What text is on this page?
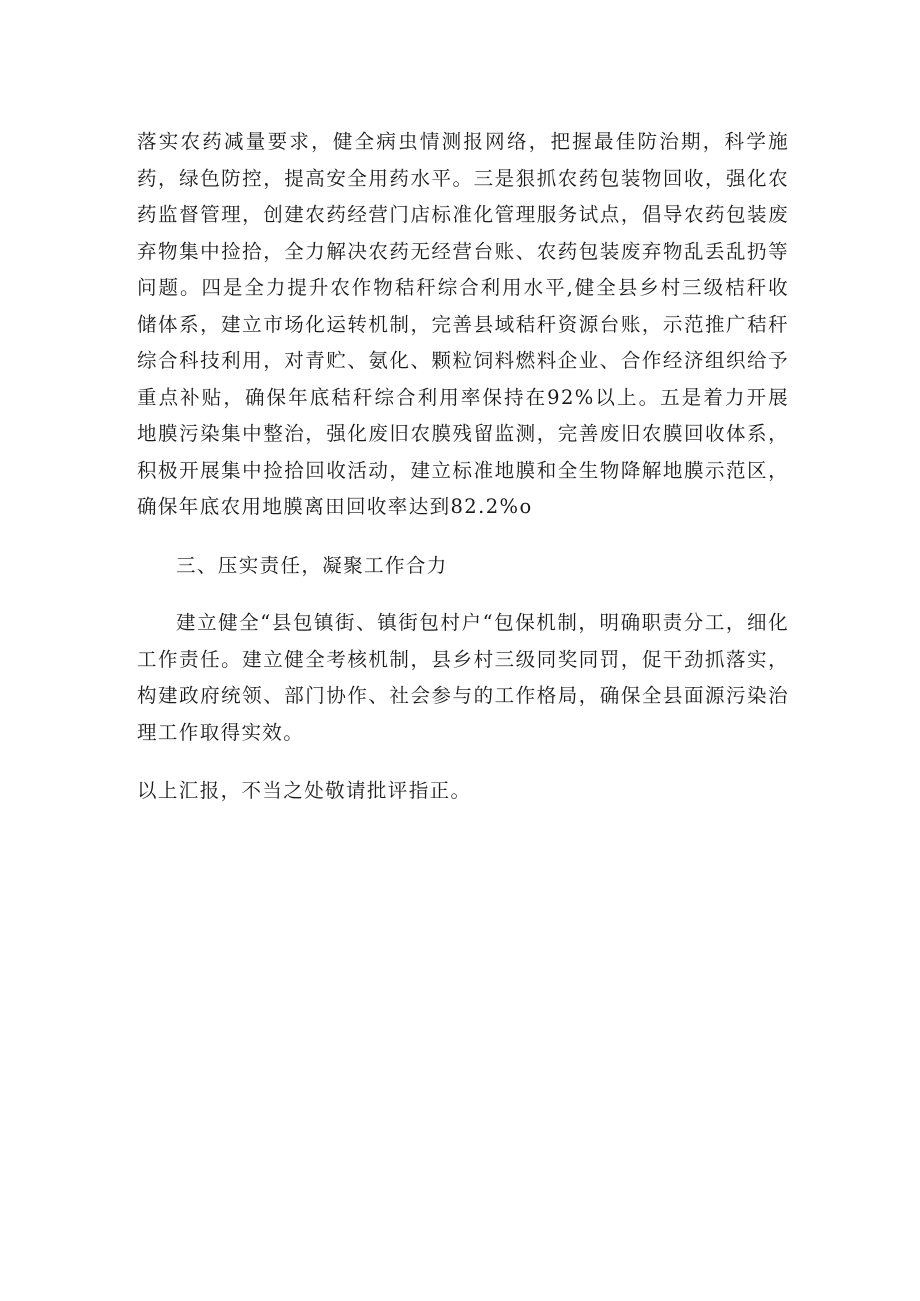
落实农药减量要求，健全病虫情测报网络，把握最佳防治期，科学施药，绿色防控，提高安全用药水平。三是狠抓农药包装物回收，强化农药监督管理，创建农药经营门店标准化管理服务试点，倡导农药包装废弃物集中捡拾，全力解决农药无经营台账、农药包装废弃物乱丢乱扔等问题。四是全力提升农作物秸秆综合利用水平,健全县乡村三级桔秆收储体系，建立市场化运转机制，完善县域秸秆资源台账，示范推广秸秆综合科技利用，对青贮、氨化、颗粒饲料燃料企业、合作经济组织给予重点补贴，确保年底秸秆综合利用率保持在92%以上。五是着力开展地膜污染集中整治，强化废旧农膜残留监测，完善废旧农膜回收体系，积极开展集中捡拾回收活动，建立标准地膜和全生物降解地膜示范区，确保年底农用地膜离田回收率达到82.2%o

三、压实责任，凝聚工作合力

建立健全“县包镇街、镇街包村户“包保机制，明确职责分工，细化工作责任。建立健全考核机制，县乡村三级同奖同罚，促干劲抓落实，构建政府统领、部门协作、社会参与的工作格局，确保全县面源污染治理工作取得实效。

以上汇报，不当之处敬请批评指正。
